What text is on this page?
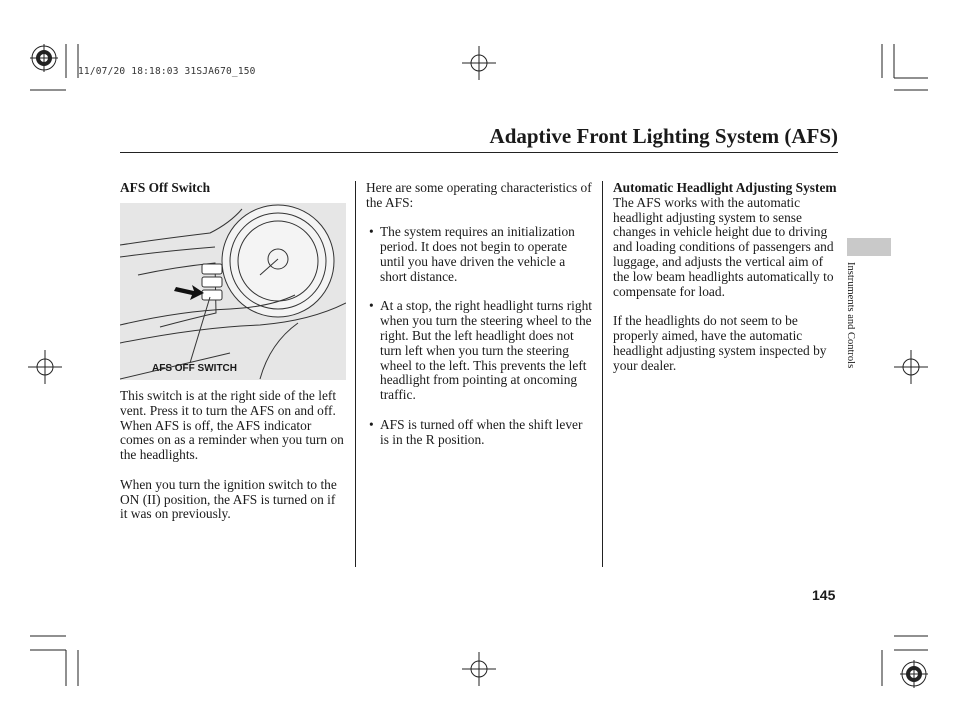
11/07/20 18:18:03 31SJA670_150
Adaptive Front Lighting System (AFS)
Instruments and Controls

AFS Off Switch

AFS OFF SWITCH

This switch is at the right side of the left vent. Press it to turn the AFS on and off. When AFS is off, the AFS indicator comes on as a reminder when you turn on the headlights.

When you turn the ignition switch to the ON (II) position, the AFS is turned on if it was on previously.

Here are some operating characteristics of the AFS:

• The system requires an initialization period. It does not begin to operate until you have driven the vehicle a short distance.
• At a stop, the right headlight turns right when you turn the steering wheel to the right. But the left headlight does not turn left when you turn the steering wheel to the left. This prevents the left headlight from pointing at oncoming traffic.
• AFS is turned off when the shift lever is in the R position.

Automatic Headlight Adjusting System

The AFS works with the automatic headlight adjusting system to sense changes in vehicle height due to driving and loading conditions of passengers and luggage, and adjusts the vertical aim of the low beam headlights automatically to compensate for load.

If the headlights do not seem to be properly aimed, have the automatic headlight adjusting system inspected by your dealer.

145
